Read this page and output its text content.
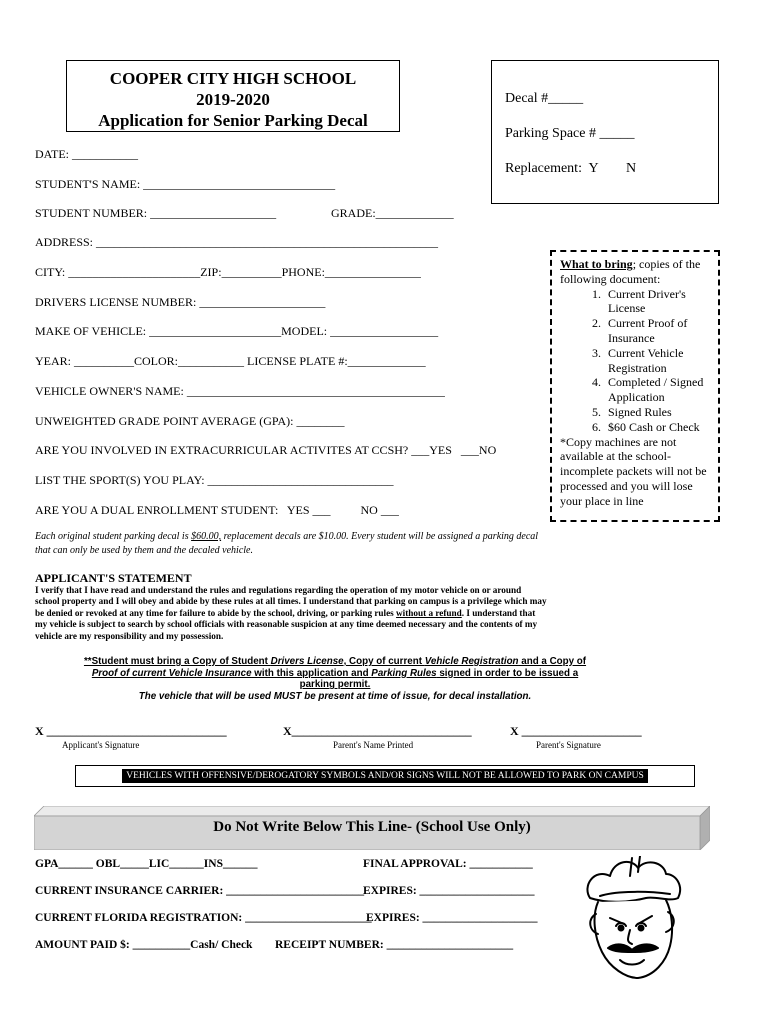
COOPER CITY HIGH SCHOOL
2019-2020
Application for Senior Parking Decal
Decal #_____
Parking Space # _____
Replacement:  Y        N
DATE: ___________
STUDENT'S NAME: ________________________________
STUDENT NUMBER: _____________________	GRADE:_____________
ADDRESS: _________________________________________________________
CITY: ______________________ZIP:__________PHONE:________________
DRIVERS LICENSE NUMBER: _____________________
MAKE OF VEHICLE: ______________________MODEL: __________________
YEAR: __________COLOR:___________ LICENSE PLATE #:_____________
VEHICLE OWNER'S NAME: ___________________________________________
UNWEIGHTED GRADE POINT AVERAGE (GPA): ________
ARE YOU INVOLVED IN EXTRACURRICULAR ACTIVITES AT CCSH? ___YES   ___NO
LIST THE SPORT(S) YOU PLAY: _______________________________
ARE YOU A DUAL ENROLLMENT STUDENT:   YES ___          NO ___
What to bring; copies of the following document:
1. Current Driver's License
2. Current Proof of Insurance
3. Current Vehicle Registration
4. Completed / Signed Application
5. Signed Rules
6. $60 Cash or Check
*Copy machines are not available at the school- incomplete packets will not be processed and you will lose your place in line
Each original student parking decal is $60.00, replacement decals are $10.00. Every student will be assigned a parking decal that can only be used by them and the decaled vehicle.
APPLICANT'S STATEMENT
I verify that I have read and understand the rules and regulations regarding the operation of my motor vehicle on or around school property and I will obey and abide by these rules at all times. I understand that parking on campus is a privilege which may be denied or revoked at any time for failure to abide by the school, driving, or parking rules without a refund. I understand that my vehicle is subject to search by school officials with reasonable suspicion at any time deemed necessary and the contents of my vehicle are my responsibility and my possession.
**Student must bring a Copy of Student Drivers License, Copy of current Vehicle Registration and a Copy of Proof of current Vehicle Insurance with this application and Parking Rules signed in order to be issued a parking permit.
The vehicle that will be used MUST be present at time of issue, for decal installation.
X ______________________________	X______________________________	X ____________________
Applicant's Signature	Parent's Name Printed	Parent's Signature
VEHICLES WITH OFFENSIVE/DEROGATORY SYMBOLS AND/OR SIGNS WILL NOT BE ALLOWED TO PARK ON CAMPUS
Do Not Write Below This Line- (School Use Only)
GPA______ OBL_____LIC______INS______	FINAL APPROVAL: ___________
CURRENT INSURANCE CARRIER: ________________________
EXPIRES: ____________________
CURRENT FLORIDA REGISTRATION: ______________________
EXPIRES: ____________________
AMOUNT PAID $: __________Cash/ Check RECEIPT NUMBER: ______________________
